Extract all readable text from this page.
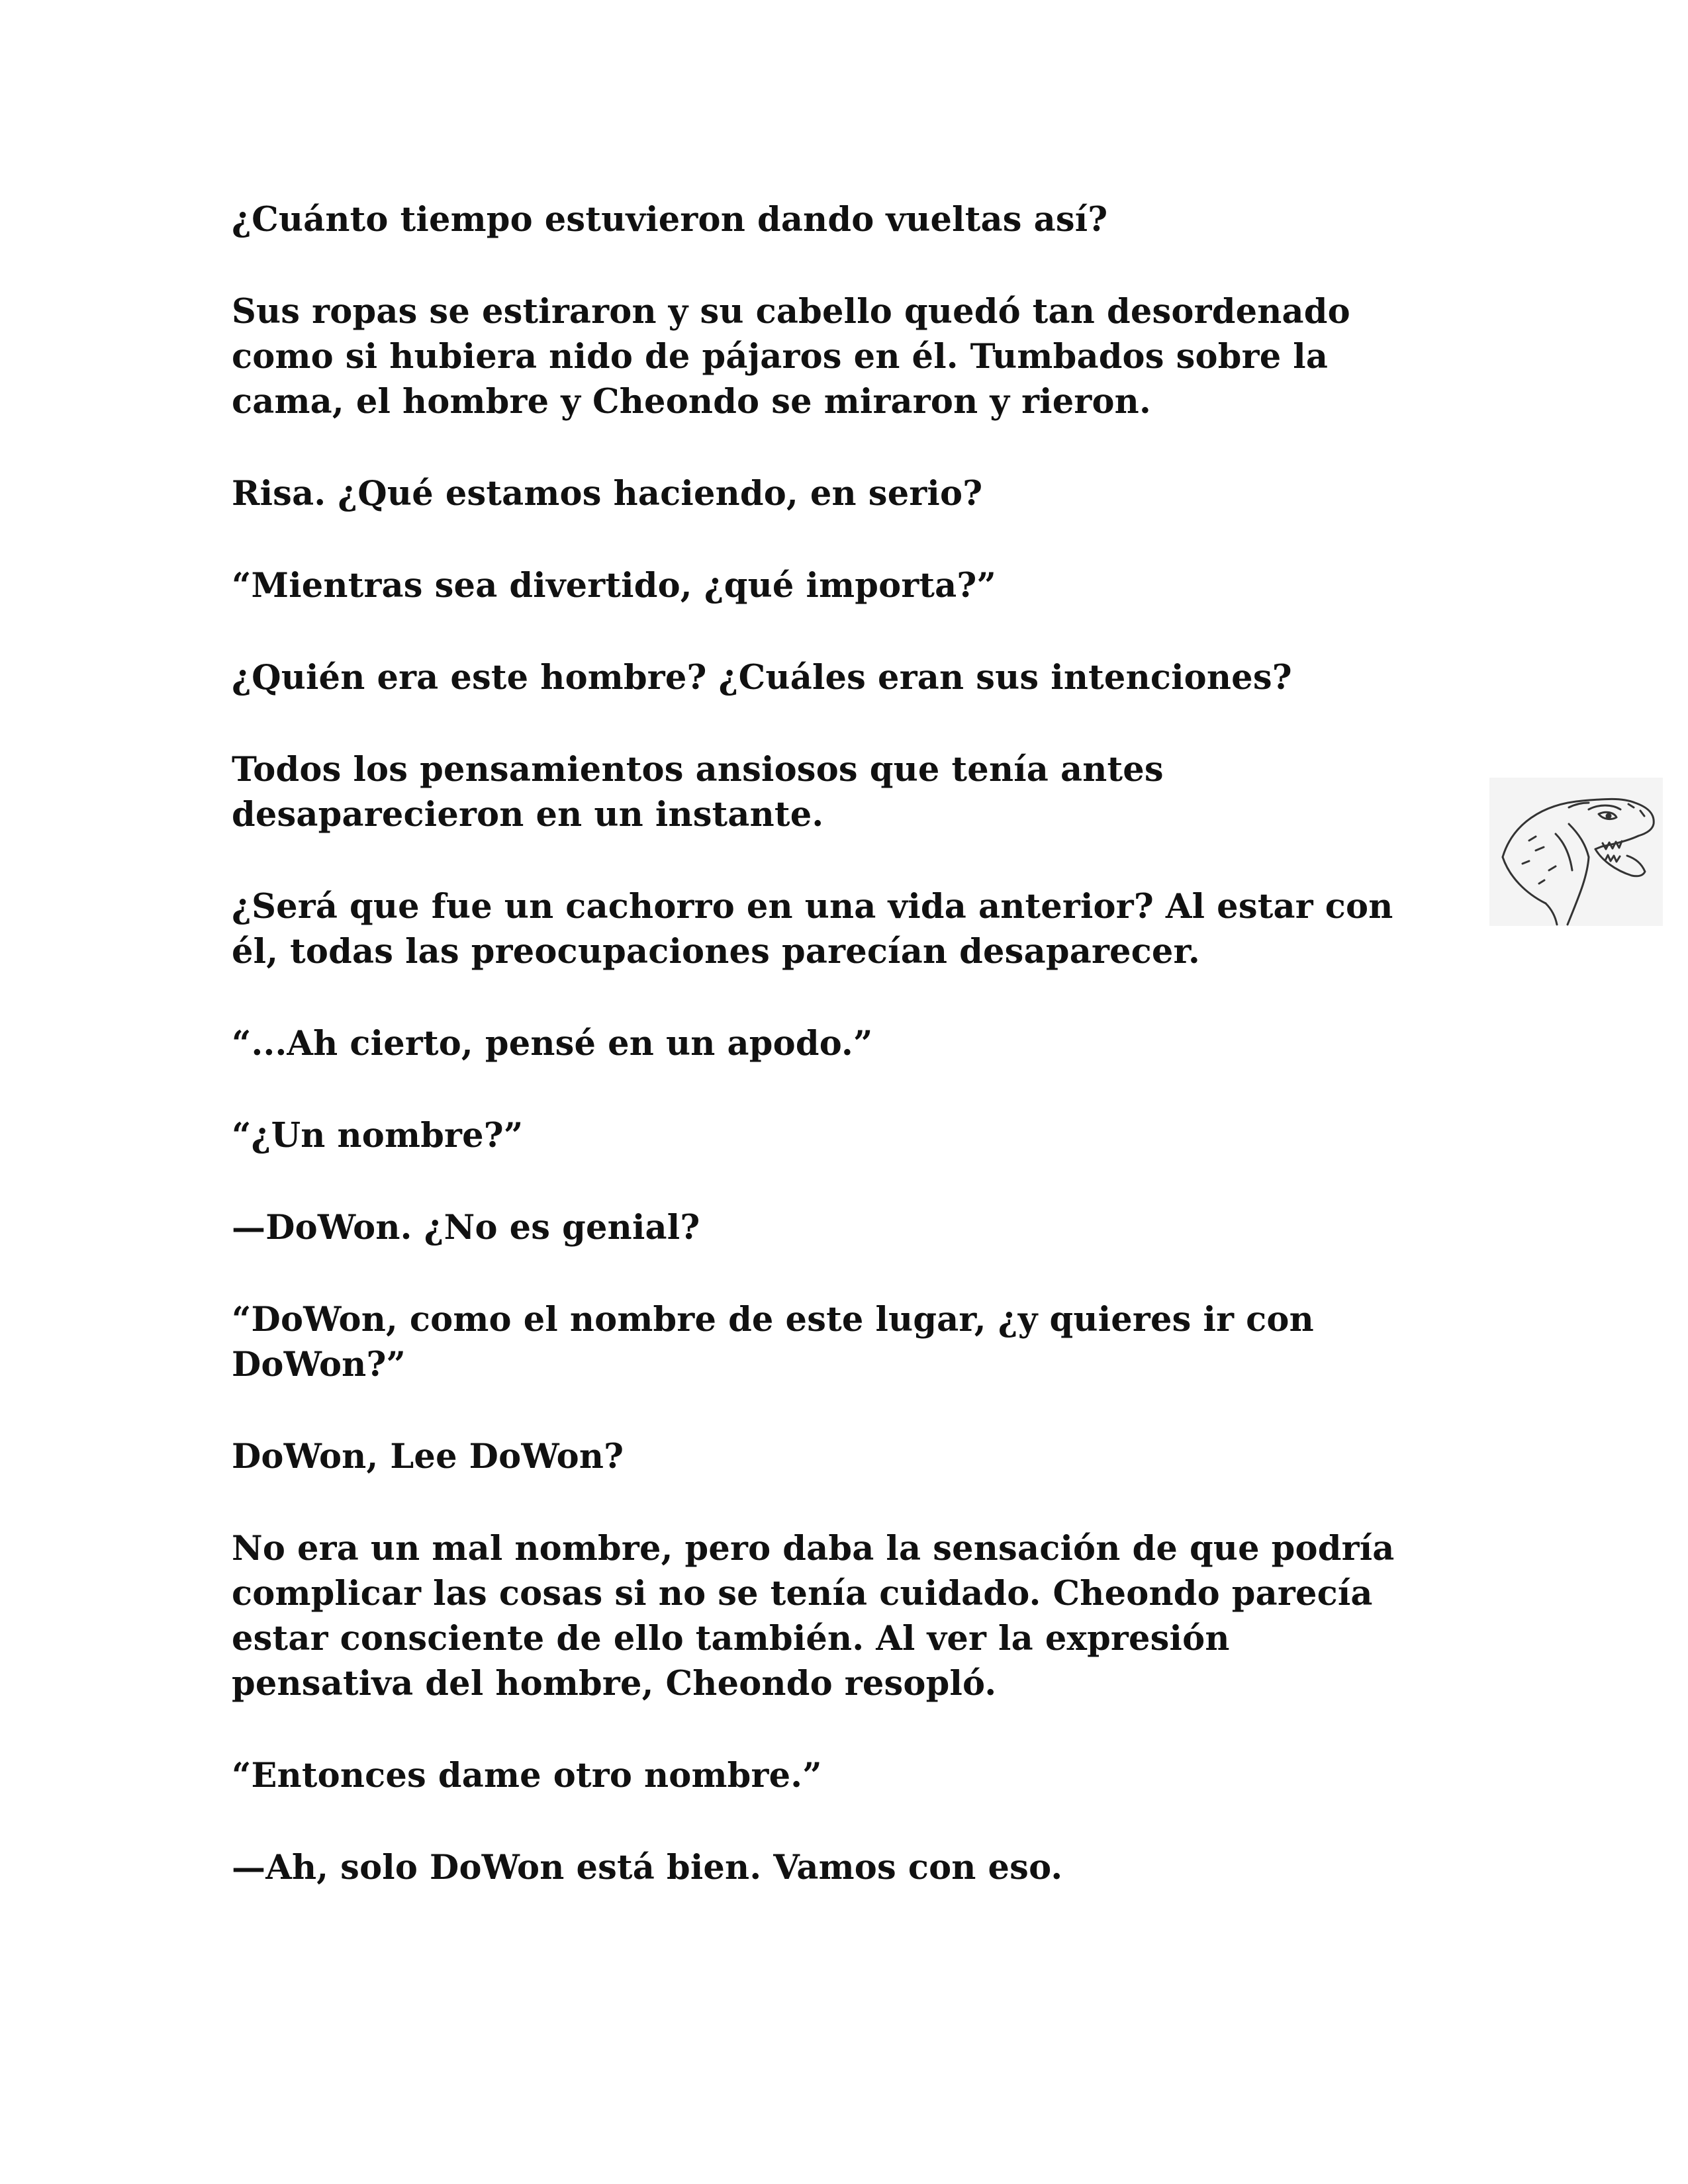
¿Cuánto tiempo estuvieron dando vueltas así?

Sus ropas se estiraron y su cabello quedó tan desordenado
como si hubiera nido de pájaros en él. Tumbados sobre la
cama, el hombre y Cheondo se miraron y rieron.

Risa. ¿Qué estamos haciendo, en serio?

“Mientras sea divertido, ¿qué importa?”

¿Quién era este hombre? ¿Cuáles eran sus intenciones?

Todos los pensamientos ansiosos que tenía antes
desaparecieron en un instante.

¿Será que fue un cachorro en una vida anterior? Al estar con
él, todas las preocupaciones parecían desaparecer.

“...Ah cierto, pensé en un apodo.”

“¿Un nombre?”

—DoWon. ¿No es genial?

“DoWon, como el nombre de este lugar, ¿y quieres ir con
DoWon?”

DoWon, Lee DoWon?

No era un mal nombre, pero daba la sensación de que podría
complicar las cosas si no se tenía cuidado. Cheondo parecía
estar consciente de ello también. Al ver la expresión
pensativa del hombre, Cheondo resopló.

“Entonces dame otro nombre.”

—Ah, solo DoWon está bien. Vamos con eso.
